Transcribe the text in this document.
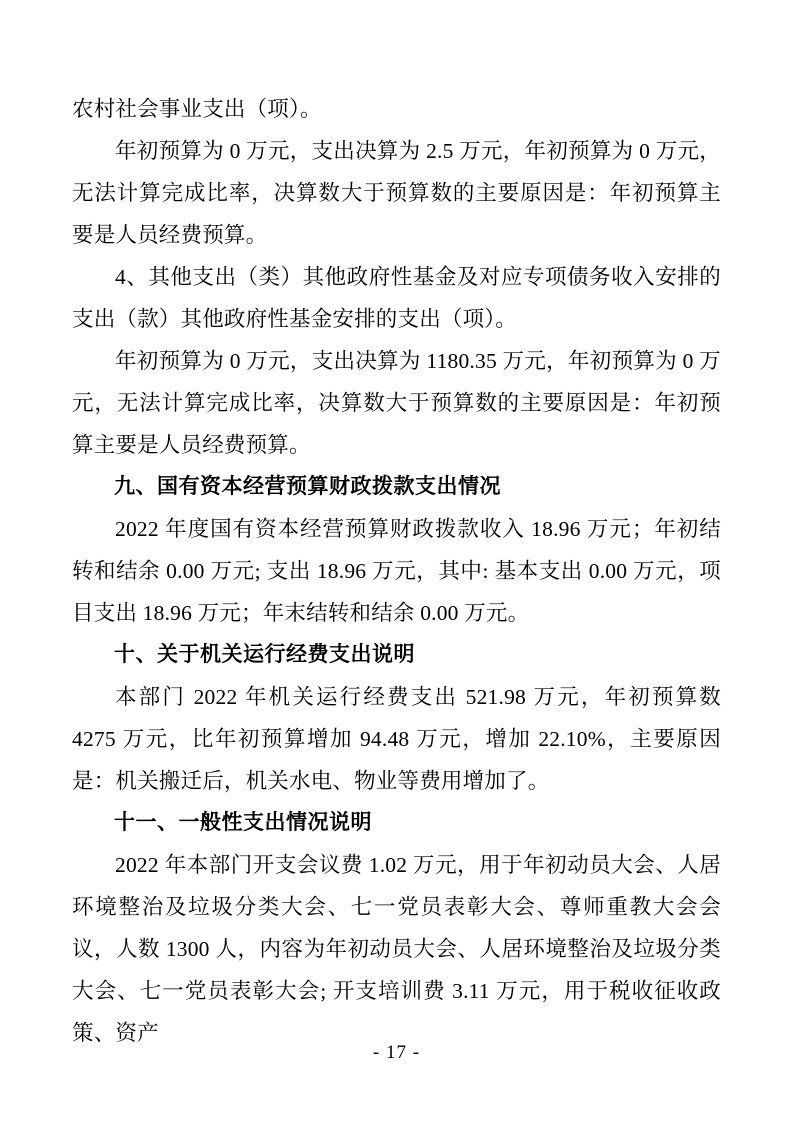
农村社会事业支出（项）。

年初预算为 0 万元，支出决算为 2.5 万元，年初预算为 0 万元，无法计算完成比率，决算数大于预算数的主要原因是：年初预算主要是人员经费预算。

4、其他支出（类）其他政府性基金及对应专项债务收入安排的支出（款）其他政府性基金安排的支出（项）。

年初预算为 0 万元，支出决算为 1180.35 万元，年初预算为 0 万元，无法计算完成比率，决算数大于预算数的主要原因是：年初预算主要是人员经费预算。

九、国有资本经营预算财政拨款支出情况

2022 年度国有资本经营预算财政拨款收入 18.96 万元；年初结转和结余 0.00 万元; 支出 18.96 万元，其中: 基本支出 0.00 万元，项目支出 18.96 万元；年末结转和结余 0.00 万元。

十、关于机关运行经费支出说明

本部门 2022 年机关运行经费支出 521.98 万元，年初预算数 4275 万元，比年初预算增加 94.48 万元，增加 22.10%，主要原因是：机关搬迁后，机关水电、物业等费用增加了。

十一、一般性支出情况说明

2022 年本部门开支会议费 1.02 万元，用于年初动员大会、人居环境整治及垃圾分类大会、七一党员表彰大会、尊师重教大会会议，人数 1300 人，内容为年初动员大会、人居环境整治及垃圾分类大会、七一党员表彰大会; 开支培训费 3.11 万元，用于税收征收政策、资产

- 17 -
